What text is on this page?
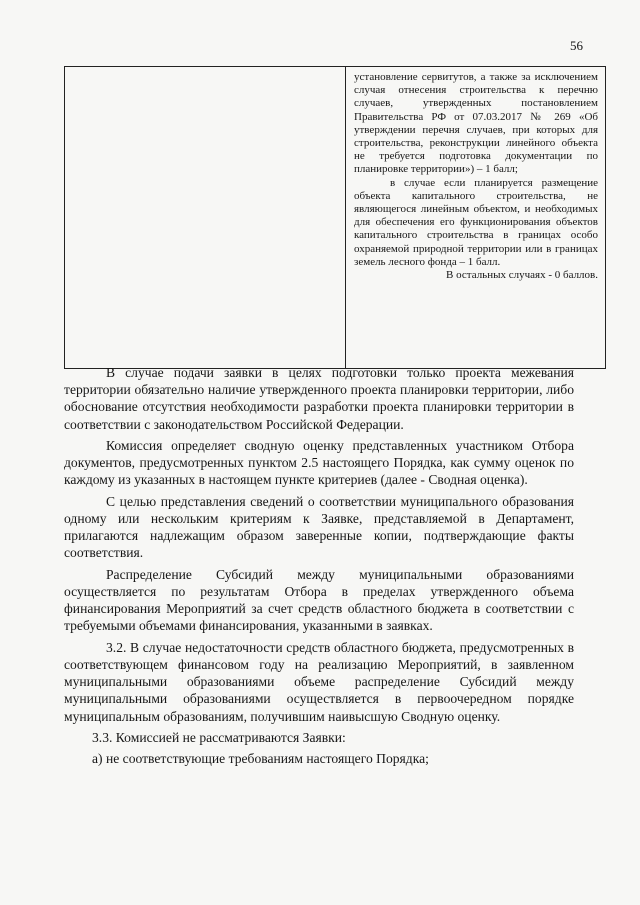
56

установление сервитутов, а также за исключением случая отнесения строительства к перечню случаев, утвержденных постановлением Правительства РФ от 07.03.2017 № 269 «Об утверждении перечня случаев, при которых для строительства, реконструкции линейного объекта не требуется подготовка документации по планировке территории») – 1 балл;

в случае если планируется размещение объекта капитального строительства, не являющегося линейным объектом, и необходимых для обеспечения его функционирования объектов капитального строительства в границах особо охраняемой природной территории или в границах земель лесного фонда – 1 балл.

В остальных случаях - 0 баллов.

В случае подачи заявки в целях подготовки только проекта межевания территории обязательно наличие утвержденного проекта планировки территории, либо обоснование отсутствия необходимости разработки проекта планировки территории в соответствии с законодательством Российской Федерации.

Комиссия определяет сводную оценку представленных участником Отбора документов, предусмотренных пунктом 2.5 настоящего Порядка, как сумму оценок по каждому из указанных в настоящем пункте критериев (далее - Сводная оценка).

С целью представления сведений о соответствии муниципального образования одному или нескольким критериям к Заявке, представляемой в Департамент, прилагаются надлежащим образом заверенные копии, подтверждающие факты соответствия.

Распределение Субсидий между муниципальными образованиями осуществляется по результатам Отбора в пределах утвержденного объема финансирования Мероприятий за счет средств областного бюджета в соответствии с требуемыми объемами финансирования, указанными в заявках.

3.2. В случае недостаточности средств областного бюджета, предусмотренных в соответствующем финансовом году на реализацию Мероприятий, в заявленном муниципальными образованиями объеме распределение Субсидий между муниципальными образованиями осуществляется в первоочередном порядке муниципальным образованиям, получившим наивысшую Сводную оценку.

3.3. Комиссией не рассматриваются Заявки:

а) не соответствующие требованиям настоящего Порядка;
